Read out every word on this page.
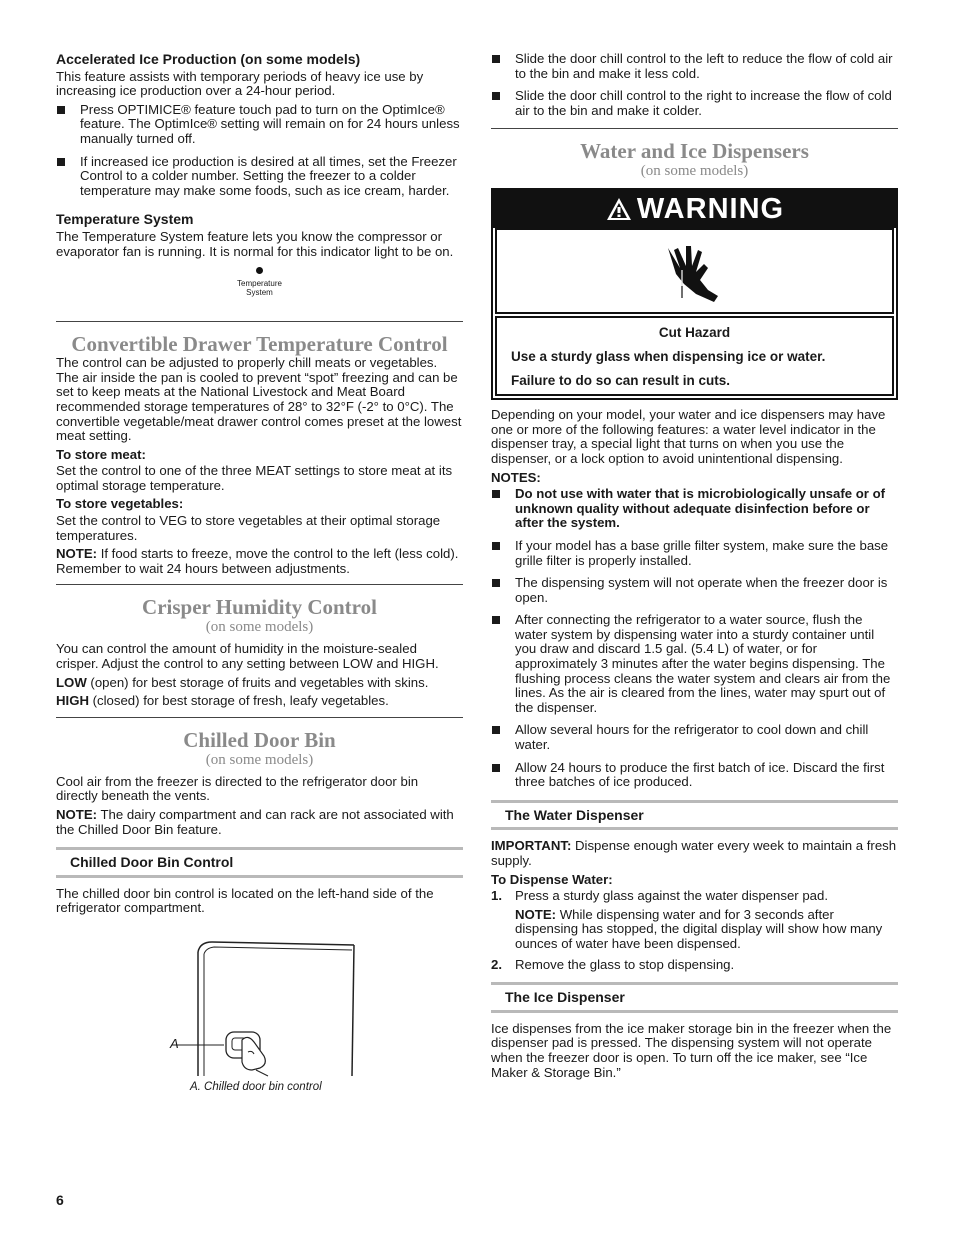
Accelerated Ice Production (on some models)

This feature assists with temporary periods of heavy ice use by increasing ice production over a 24-hour period.

Press OPTIMICE® feature touch pad to turn on the OptimIce® feature. The OptimIce® setting will remain on for 24 hours unless manually turned off.
If increased ice production is desired at all times, set the Freezer Control to a colder number. Setting the freezer to a colder temperature may make some foods, such as ice cream, harder.
Temperature System

The Temperature System feature lets you know the compressor or evaporator fan is running. It is normal for this indicator light to be on.

Temperature
System
Convertible Drawer Temperature Control

The control can be adjusted to properly chill meats or vegetables. The air inside the pan is cooled to prevent “spot” freezing and can be set to keep meats at the National Livestock and Meat Board recommended storage temperatures of 28° to 32°F (-2° to 0°C). The convertible vegetable/meat drawer control comes preset at the lowest meat setting.

To store meat:

Set the control to one of the three MEAT settings to store meat at its optimal storage temperature.

To store vegetables:

Set the control to VEG to store vegetables at their optimal storage temperatures.

NOTE: If food starts to freeze, move the control to the left (less cold). Remember to wait 24 hours between adjustments.

Crisper Humidity Control
(on some models)

You can control the amount of humidity in the moisture-sealed crisper. Adjust the control to any setting between LOW and HIGH.

LOW (open) for best storage of fruits and vegetables with skins.

HIGH (closed) for best storage of fresh, leafy vegetables.

Chilled Door Bin
(on some models)

Cool air from the freezer is directed to the refrigerator door bin directly beneath the vents.

NOTE: The dairy compartment and can rack are not associated with the Chilled Door Bin feature.

Chilled Door Bin Control

The chilled door bin control is located on the left-hand side of the refrigerator compartment.

A
A. Chilled door bin control
Slide the door chill control to the left to reduce the flow of cold air to the bin and make it less cold.
Slide the door chill control to the right to increase the flow of cold air to the bin and make it colder.
Water and Ice Dispensers
(on some models)
WARNING

Cut Hazard

Use a sturdy glass when dispensing ice or water.

Failure to do so can result in cuts.

Depending on your model, your water and ice dispensers may have one or more of the following features: a water level indicator in the dispenser tray, a special light that turns on when you use the dispenser, or a lock option to avoid unintentional dispensing.

NOTES:
Do not use with water that is microbiologically unsafe or of unknown quality without adequate disinfection before or after the system.
If your model has a base grille filter system, make sure the base grille filter is properly installed.
The dispensing system will not operate when the freezer door is open.
After connecting the refrigerator to a water source, flush the water system by dispensing water into a sturdy container until you draw and discard 1.5 gal. (5.4 L) of water, or for approximately 3 minutes after the water begins dispensing. The flushing process cleans the water system and clears air from the lines. As the air is cleared from the lines, water may spurt out of the dispenser.
Allow several hours for the refrigerator to cool down and chill water.
Allow 24 hours to produce the first batch of ice. Discard the first three batches of ice produced.
The Water Dispenser

IMPORTANT: Dispense enough water every week to maintain a fresh supply.

To Dispense Water:
1. Press a sturdy glass against the water dispenser pad.
NOTE: While dispensing water and for 3 seconds after dispensing has stopped, the digital display will show how many ounces of water have been dispensed.
2. Remove the glass to stop dispensing.
The Ice Dispenser

Ice dispenses from the ice maker storage bin in the freezer when the dispenser pad is pressed. The dispensing system will not operate when the freezer door is open. To turn off the ice maker, see “Ice Maker & Storage Bin.”

6
